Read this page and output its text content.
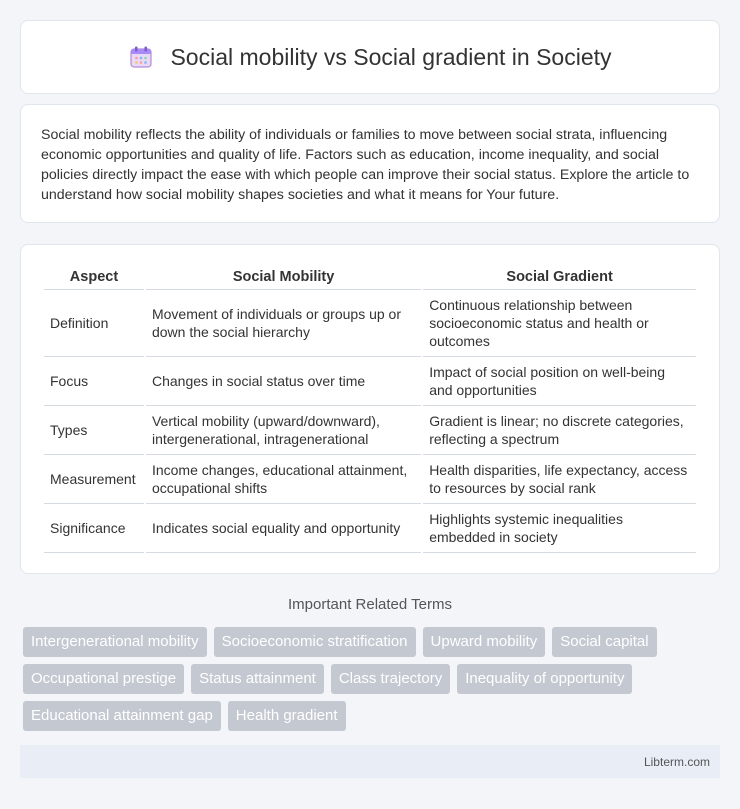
Social mobility vs Social gradient in Society

Social mobility reflects the ability of individuals or families to move between social strata, influencing economic opportunities and quality of life. Factors such as education, income inequality, and social policies directly impact the ease with which people can improve their social status. Explore the article to understand how social mobility shapes societies and what it means for Your future.

Aspect	Social Mobility	Social Gradient
Definition	Movement of individuals or groups up or down the social hierarchy	Continuous relationship between socioeconomic status and health or outcomes
Focus	Changes in social status over time	Impact of social position on well-being and opportunities
Types	Vertical mobility (upward/downward), intergenerational, intragenerational	Gradient is linear; no discrete categories, reflecting a spectrum
Measurement	Income changes, educational attainment, occupational shifts	Health disparities, life expectancy, access to resources by social rank
Significance	Indicates social equality and opportunity	Highlights systemic inequalities embedded in society
Important Related Terms
Intergenerational mobility	Socioeconomic stratification	Upward mobility	Social capital
Occupational prestige	Status attainment	Class trajectory	Inequality of opportunity
Educational attainment gap	Health gradient
Libterm.com
